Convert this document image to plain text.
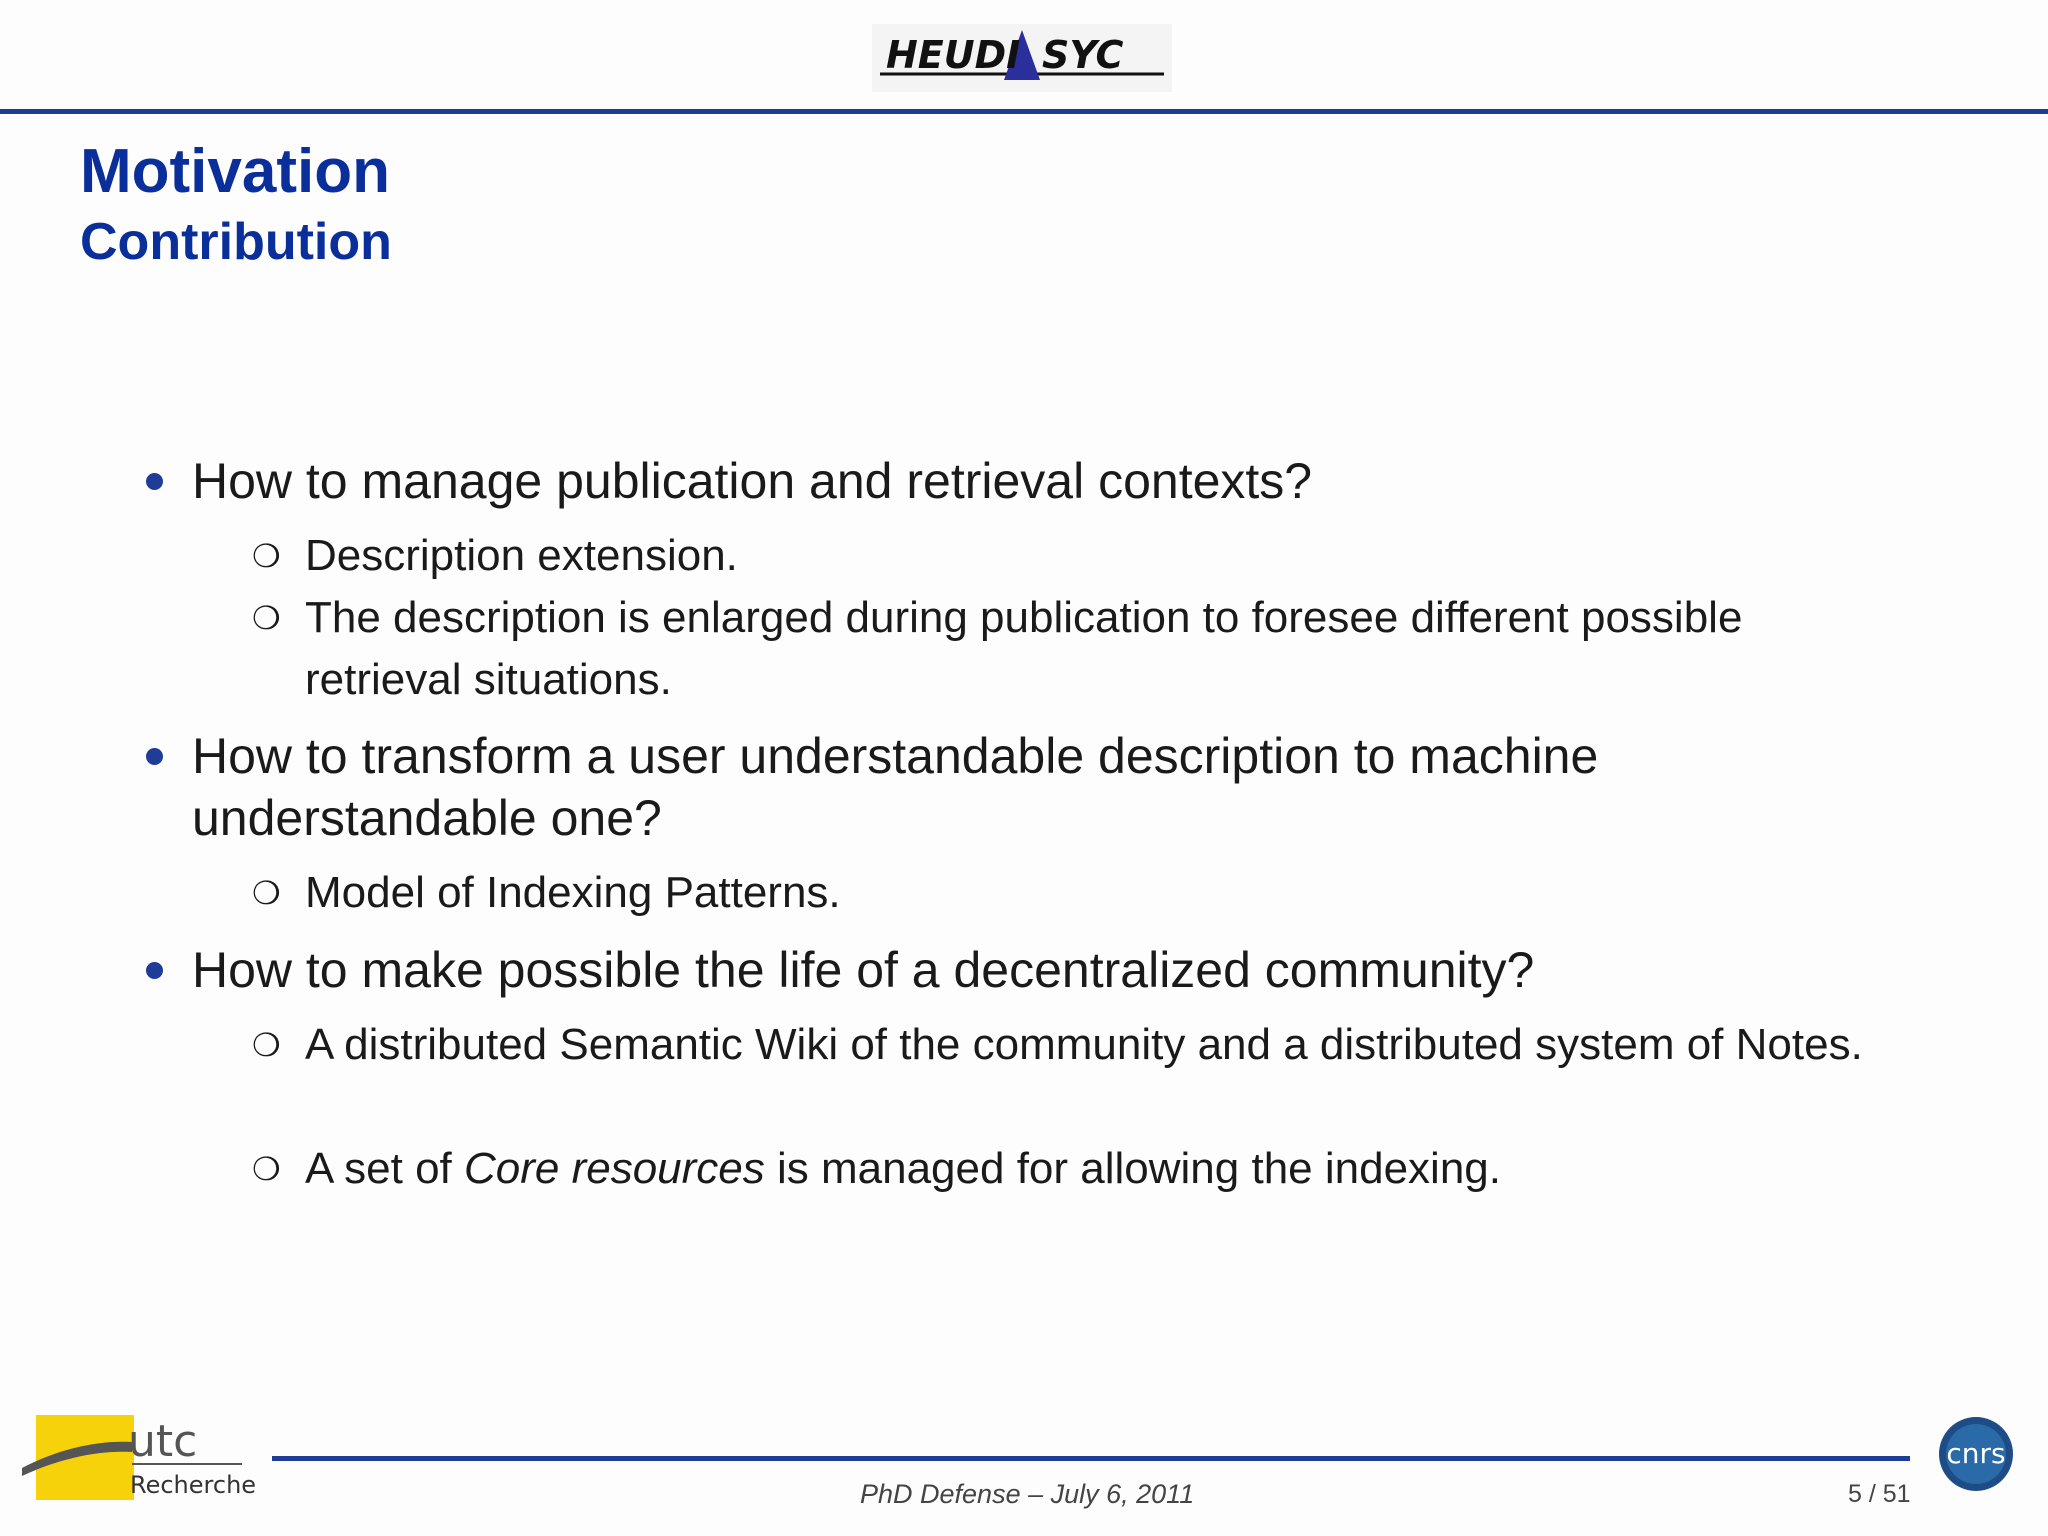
HEUDI SYC
Motivation
Contribution
How to manage publication and retrieval contexts?
❍ Description extension.
❍ The description is enlarged during publication to foresee different possible retrieval situations.
How to transform a user understandable description to machine understandable one?
❍ Model of Indexing Patterns.
How to make possible the life of a decentralized community?
❍ A distributed Semantic Wiki of the community and a distributed system of Notes.
❍ A set of Core resources is managed for allowing the indexing.
utc
Recherche	PhD Defense – July 6, 2011	5 / 51
cnrs
